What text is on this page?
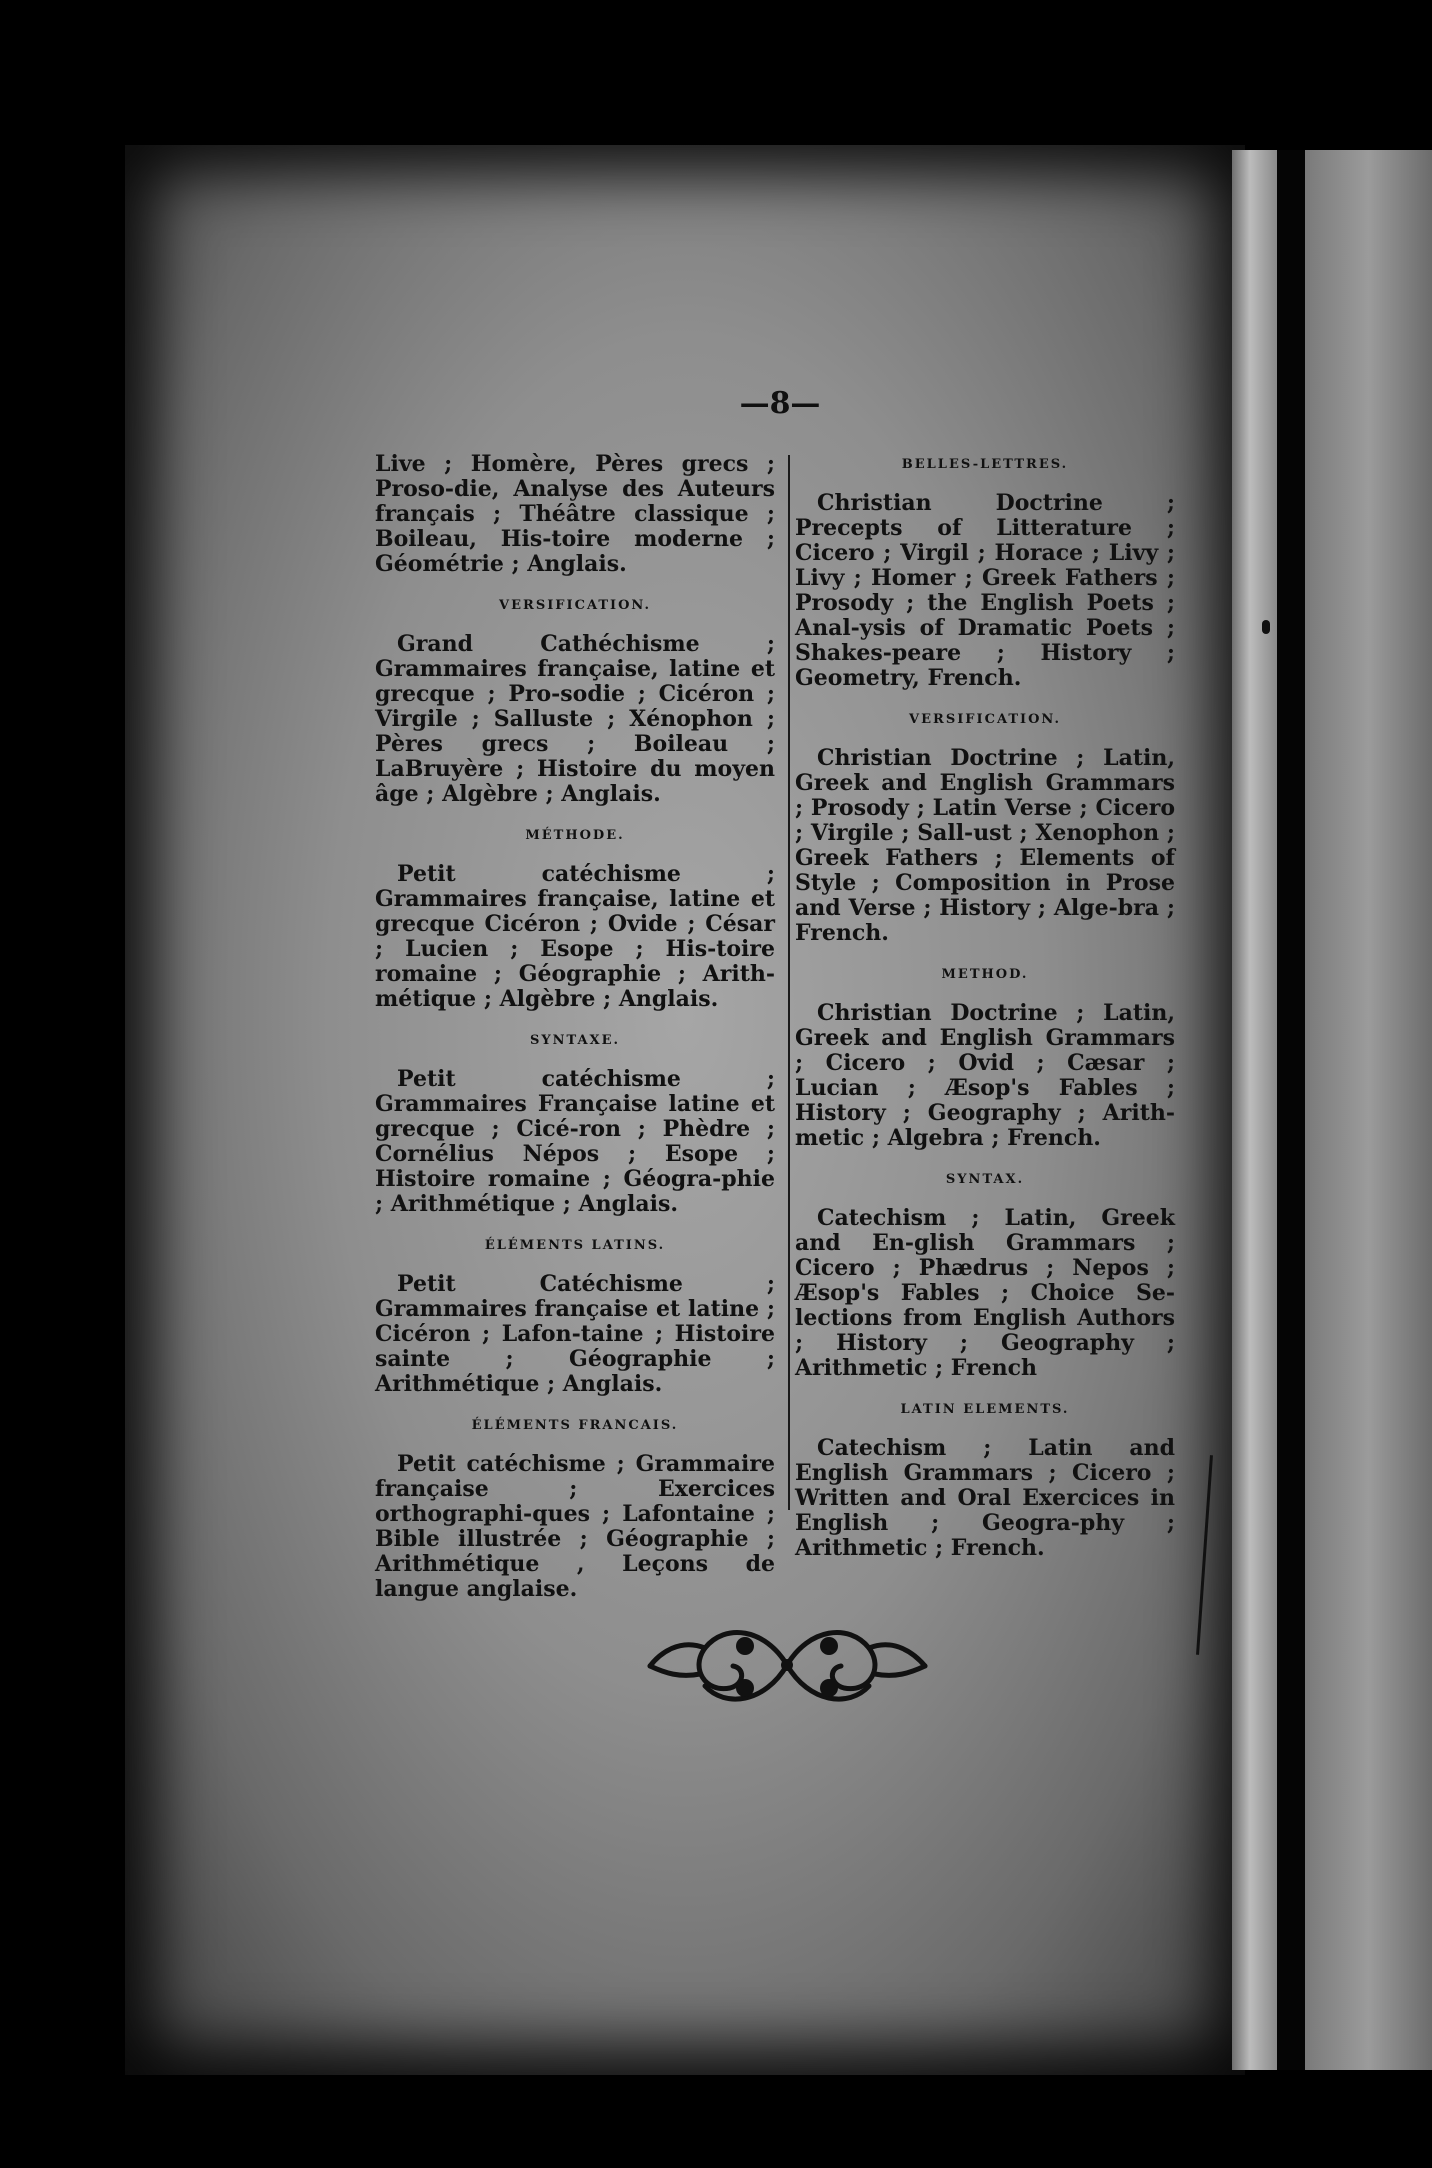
—8—

Live ; Homère, Pères grecs ; Proso-die, Analyse des Auteurs français ; Théâtre classique ; Boileau, His-toire moderne ; Géométrie ; Anglais.

VERSIFICATION.

Grand Cathéchisme ; Grammaires française, latine et grecque ; Pro-sodie ; Cicéron ; Virgile ; Salluste ; Xénophon ; Pères grecs ; Boileau ; LaBruyère ; Histoire du moyen âge ; Algèbre ; Anglais.

MÉTHODE.

Petit catéchisme ; Grammaires française, latine et grecque Cicéron ; Ovide ; César ; Lucien ; Esope ; His-toire romaine ; Géographie ; Arith-métique ; Algèbre ; Anglais.

SYNTAXE.

Petit catéchisme ; Grammaires Française latine et grecque ; Cicé-ron ; Phèdre ; Cornélius Népos ; Esope ; Histoire romaine ; Géogra-phie ; Arithmétique ; Anglais.

ÉLÉMENTS LATINS.

Petit Catéchisme ; Grammaires française et latine ; Cicéron ; Lafon-taine ; Histoire sainte ; Géographie ; Arithmétique ; Anglais.

ÉLÉMENTS FRANCAIS.

Petit catéchisme ; Grammaire française ; Exercices orthographi-ques ; Lafontaine ; Bible illustrée ; Géographie ; Arithmétique , Leçons de langue anglaise.

BELLES-LETTRES.

Christian Doctrine ; Precepts of Litterature ; Cicero ; Virgil ; Horace ; Livy ; Livy ; Homer ; Greek Fathers ; Prosody ; the English Poets ; Anal-ysis of Dramatic Poets ; Shakes-peare ; History ; Geometry, French.

VERSIFICATION.

Christian Doctrine ; Latin, Greek and English Grammars ; Prosody ; Latin Verse ; Cicero ; Virgile ; Sall-ust ; Xenophon ; Greek Fathers ; Elements of Style ; Composition in Prose and Verse ; History ; Alge-bra ; French.

METHOD.

Christian Doctrine ; Latin, Greek and English Grammars ; Cicero ; Ovid ; Cæsar ; Lucian ; Æsop's Fables ; History ; Geography ; Arith-metic ; Algebra ; French.

SYNTAX.

Catechism ; Latin, Greek and En-glish Grammars ; Cicero ; Phædrus ; Nepos ; Æsop's Fables ; Choice Se-lections from English Authors ; History ; Geography ; Arithmetic ; French

LATIN ELEMENTS.

Catechism ; Latin and English Grammars ; Cicero ; Written and Oral Exercices in English ; Geogra-phy ; Arithmetic ; French.
